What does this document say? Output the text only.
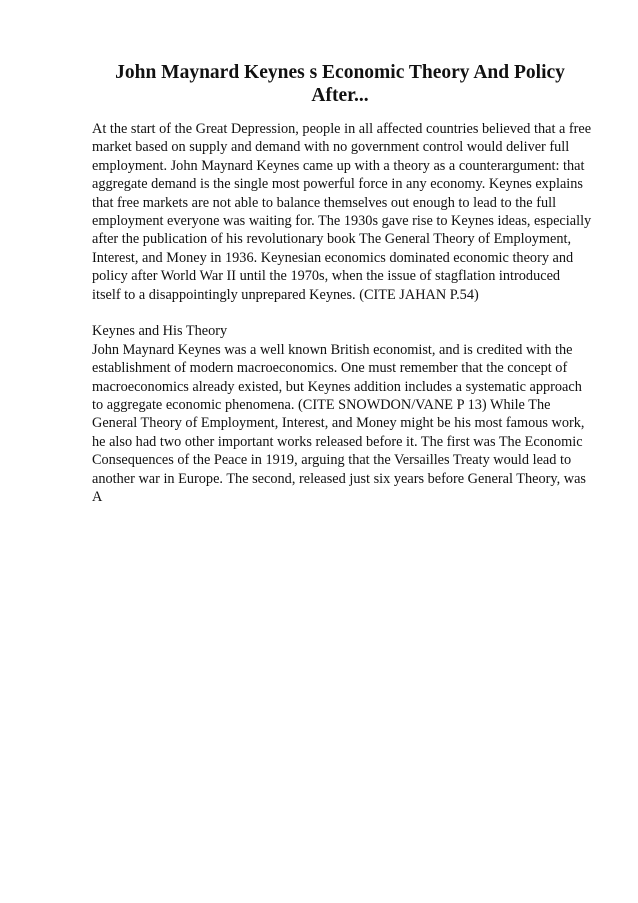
John Maynard Keynes s Economic Theory And Policy After...

At the start of the Great Depression, people in all affected countries believed that a free market based on supply and demand with no government control would deliver full employment. John Maynard Keynes came up with a theory as a counterargument: that aggregate demand is the single most powerful force in any economy. Keynes explains that free markets are not able to balance themselves out enough to lead to the full employment everyone was waiting for. The 1930s gave rise to Keynes ideas, especially after the publication of his revolutionary book The General Theory of Employment, Interest, and Money in 1936. Keynesian economics dominated economic theory and policy after World War II until the 1970s, when the issue of stagflation introduced itself to a disappointingly unprepared Keynes. (CITE JAHAN P.54)

Keynes and His Theory

John Maynard Keynes was a well known British economist, and is credited with the establishment of modern macroeconomics. One must remember that the concept of macroeconomics already existed, but Keynes addition includes a systematic approach to aggregate economic phenomena. (CITE SNOWDON/VANE P 13) While The General Theory of Employment, Interest, and Money might be his most famous work, he also had two other important works released before it. The first was The Economic Consequences of the Peace in 1919, arguing that the Versailles Treaty would lead to another war in Europe. The second, released just six years before General Theory, was A
